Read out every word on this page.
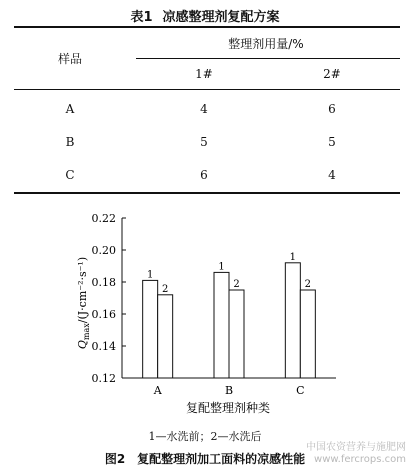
表1 凉感整理剂复配方案
样品
整理剂用量/%
1#	2#
A	4	6
B	5	5
C	6	4
0.12
0.14
0.16
0.18
0.20
0.22
1
2
1
2
1
2
A	B	C
复配整理剂种类
$Q_{max}/(J\cdot cm^{-2}\cdot s^{-1})$
1—水洗前；2—水洗后
图2 复配整理剂加工面料的凉感性能
中国农资营养与施肥网
www.fercrops.com
